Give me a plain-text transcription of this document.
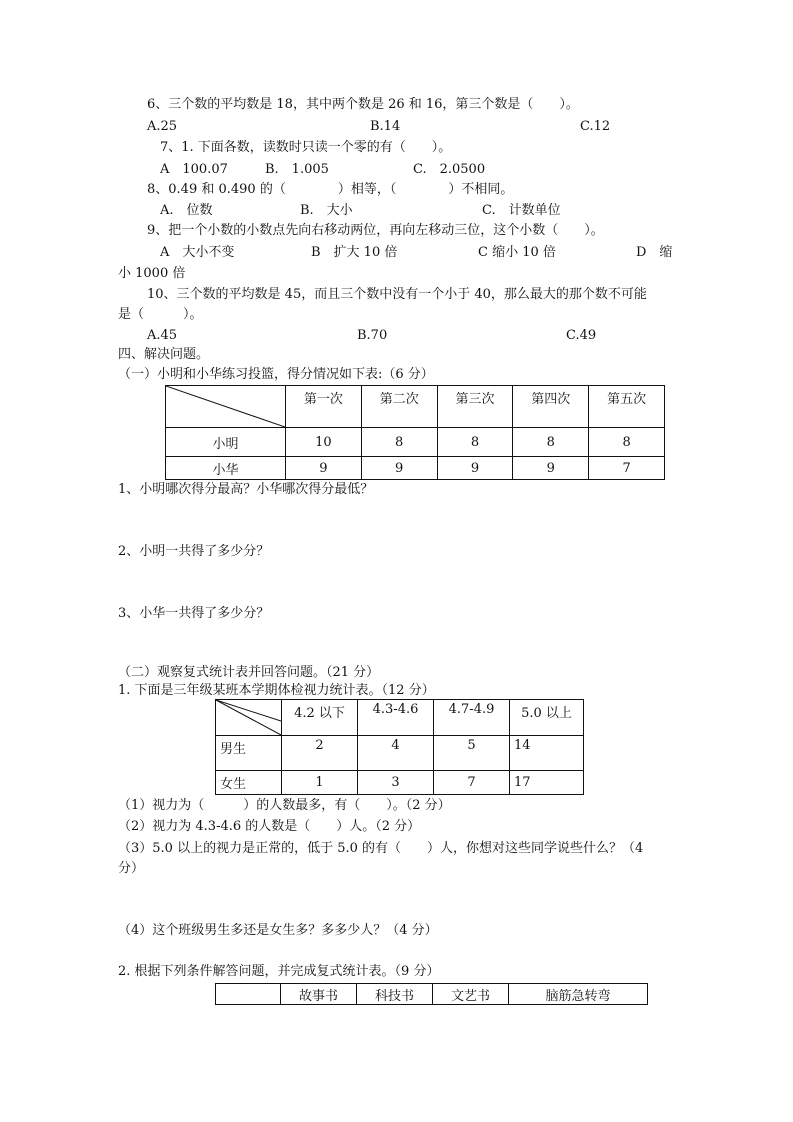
6、三个数的平均数是 18，其中两个数是 26 和 16，第三个数是（　　）。
A.25	B.14	C.12
7、1. 下面各数，读数时只读一个零的有（　　）。
A　100.07	B.　1.005	C.　2.0500
8、0.49 和 0.490 的（　　　　）相等，（　　　　）不相同。
A.　位数	B.　大小	C.　计数单位
9、把一个小数的小数点先向右移动两位，再向左移动三位，这个小数（　　）。
A　大小不变	B　扩大 10 倍	C 缩小 10 倍	D　缩
小 1000 倍
10、三个数的平均数是 45，而且三个数中没有一个小于 40，那么最大的那个数不可能
是（　　　）。
A.45	B.70	C.49
四、解决问题。
（一）小明和小华练习投篮，得分情况如下表:（6 分）
	第一次	第二次	第三次	第四次	第五次
小明	10	8	8	8	8
小华	9	9	9	9	7
1、小明哪次得分最高？小华哪次得分最低？
2、小明一共得了多少分？
3、小华一共得了多少分？
（二）观察复式统计表并回答问题。（21 分）
1. 下面是三年级某班本学期体检视力统计表。（12 分）
	4.2 以下	4.3-4.6	4.7-4.9	5.0 以上
男生	2	4	5	14
女生	1	3	7	17
（1）视力为（　　　）的人数最多，有（　　）。（2 分）
（2）视力为 4.3-4.6 的人数是（　　）人。（2 分）
（3）5.0 以上的视力是正常的，低于 5.0 的有（　　）人，你想对这些同学说些什么？（4
分）
（4）这个班级男生多还是女生多？多多少人？（4 分）
2. 根据下列条件解答问题，并完成复式统计表。（9 分）
	故事书	科技书	文艺书	脑筋急转弯
